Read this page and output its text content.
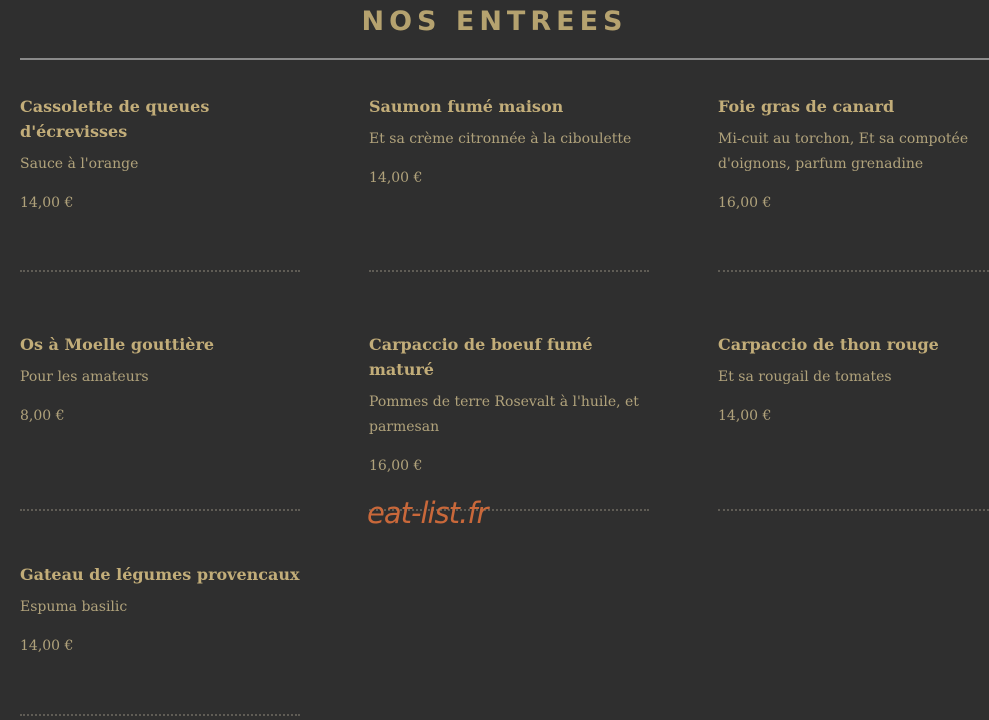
NOS ENTREES
Cassolette de queues d'écrevisses
Sauce à l'orange
14,00 €
Saumon fumé maison
Et sa crème citronnée à la ciboulette
14,00 €
Foie gras de canard
Mi-cuit au torchon, Et sa compotée d'oignons, parfum grenadine
16,00 €
Os à Moelle gouttière
Pour les amateurs
8,00 €
Carpaccio de boeuf fumé maturé
Pommes de terre Rosevalt à l'huile, et parmesan
16,00 €
Carpaccio de thon rouge
Et sa rougail de tomates
14,00 €
Gateau de légumes provencaux
Espuma basilic
14,00 €
eat-list.fr
